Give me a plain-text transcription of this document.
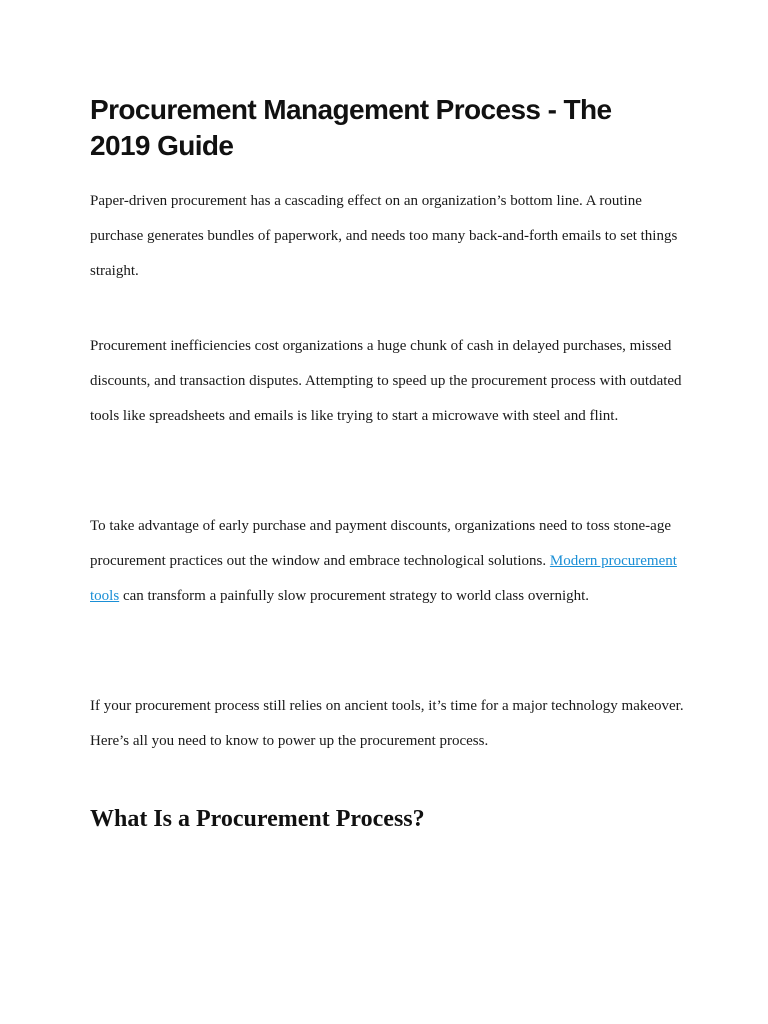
Procurement Management Process - The 2019 Guide

Paper-driven procurement has a cascading effect on an organization’s bottom line. A routine purchase generates bundles of paperwork, and needs too many back-and-forth emails to set things straight.

Procurement inefficiencies cost organizations a huge chunk of cash in delayed purchases, missed discounts, and transaction disputes. Attempting to speed up the procurement process with outdated tools like spreadsheets and emails is like trying to start a microwave with steel and flint.

To take advantage of early purchase and payment discounts, organizations need to toss stone-age procurement practices out the window and embrace technological solutions. Modern procurement tools can transform a painfully slow procurement strategy to world class overnight.

If your procurement process still relies on ancient tools, it’s time for a major technology makeover. Here’s all you need to know to power up the procurement process.

What Is a Procurement Process?
